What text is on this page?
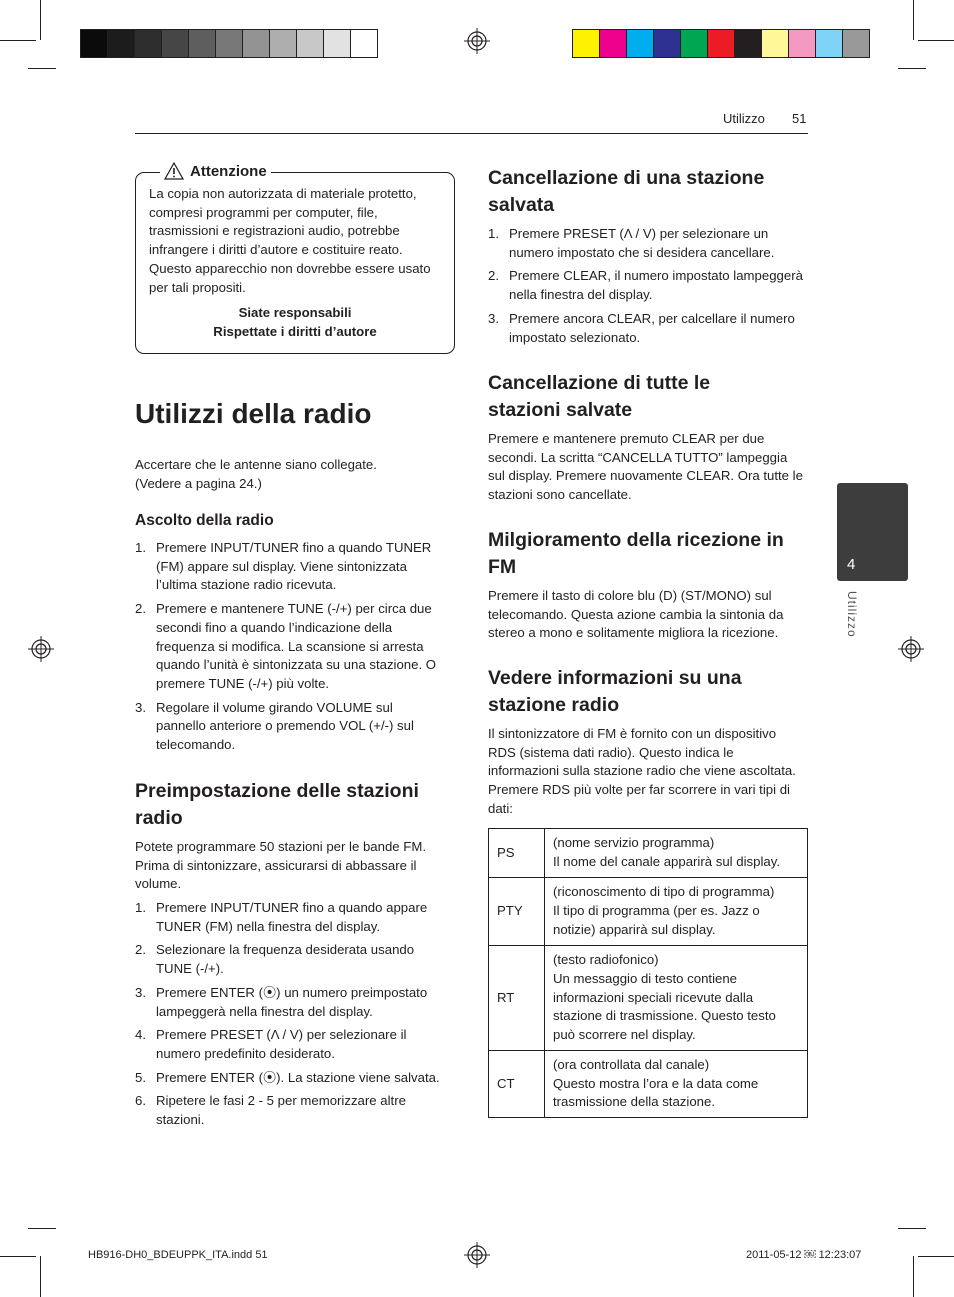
Utilizzo 51
4
Utilizzo
Attenzione
La copia non autorizzata di materiale protetto, compresi programmi per computer, file, trasmissioni e registrazioni audio, potrebbe infrangere i diritti d’autore e costituire reato. Questo apparecchio non dovrebbe essere usato per tali propositi.
Siate responsabili
Rispettate i diritti d’autore
Utilizzi della radio
Accertare che le antenne siano collegate. (Vedere a pagina 24.)
Ascolto della radio
1. Premere INPUT/TUNER fino a quando TUNER (FM) appare sul display. Viene sintonizzata l’ultima stazione radio ricevuta.
2. Premere e mantenere TUNE (-/+) per circa due secondi fino a quando l’indicazione della frequenza si modifica. La scansione si arresta quando l’unità è sintonizzata su una stazione. O premere TUNE (-/+) più volte.
3. Regolare il volume girando VOLUME sul pannello anteriore o premendo VOL (+/-) sul telecomando.
Preimpostazione delle stazioni radio
Potete programmare 50 stazioni per le bande FM. Prima di sintonizzare, assicurarsi di abbassare il volume.
1. Premere INPUT/TUNER fino a quando appare TUNER (FM) nella finestra del display.
2. Selezionare la frequenza desiderata usando TUNE (-/+).
3. Premere ENTER (⦿) un numero preimpostato lampeggerà nella finestra del display.
4. Premere PRESET (Λ / V) per selezionare il numero predefinito desiderato.
5. Premere ENTER (⦿). La stazione viene salvata.
6. Ripetere le fasi 2 - 5 per memorizzare altre stazioni.
Cancellazione di una stazione salvata
1. Premere PRESET (Λ / V) per selezionare un numero impostato che si desidera cancellare.
2. Premere CLEAR, il numero impostato lampeggerà nella finestra del display.
3. Premere ancora CLEAR, per calcellare il numero impostato selezionato.
Cancellazione di tutte le stazioni salvate
Premere e mantenere premuto CLEAR per due secondi. La scritta “CANCELLA TUTTO” lampeggia sul display. Premere nuovamente CLEAR. Ora tutte le stazioni sono cancellate.
Milgioramento della ricezione in FM
Premere il tasto di colore blu (D) (ST/MONO) sul telecomando. Questa azione cambia la sintonia da stereo a mono e solitamente migliora la ricezione.
Vedere informazioni su una stazione radio
Il sintonizzatore di FM è fornito con un dispositivo RDS (sistema dati radio). Questo indica le informazioni sulla stazione radio che viene ascoltata. Premere RDS più volte per far scorrere in vari tipi di dati:
PS	(nome servizio programma)
Il nome del canale apparirà sul display.

PTY	(riconoscimento di tipo di programma)
Il tipo di programma (per es. Jazz o notizie) apparirà sul display.

RT	(testo radiofonico)
Un messaggio di testo contiene informazioni speciali ricevute dalla stazione di trasmissione. Questo testo può scorrere nel display.

CT	(ora controllata dal canale)
Questo mostra l’ora e la data come trasmissione della stazione.
HB916-DH0_BDEUPPK_ITA.indd 51	2011-05-12 ￼ 12:23:07
